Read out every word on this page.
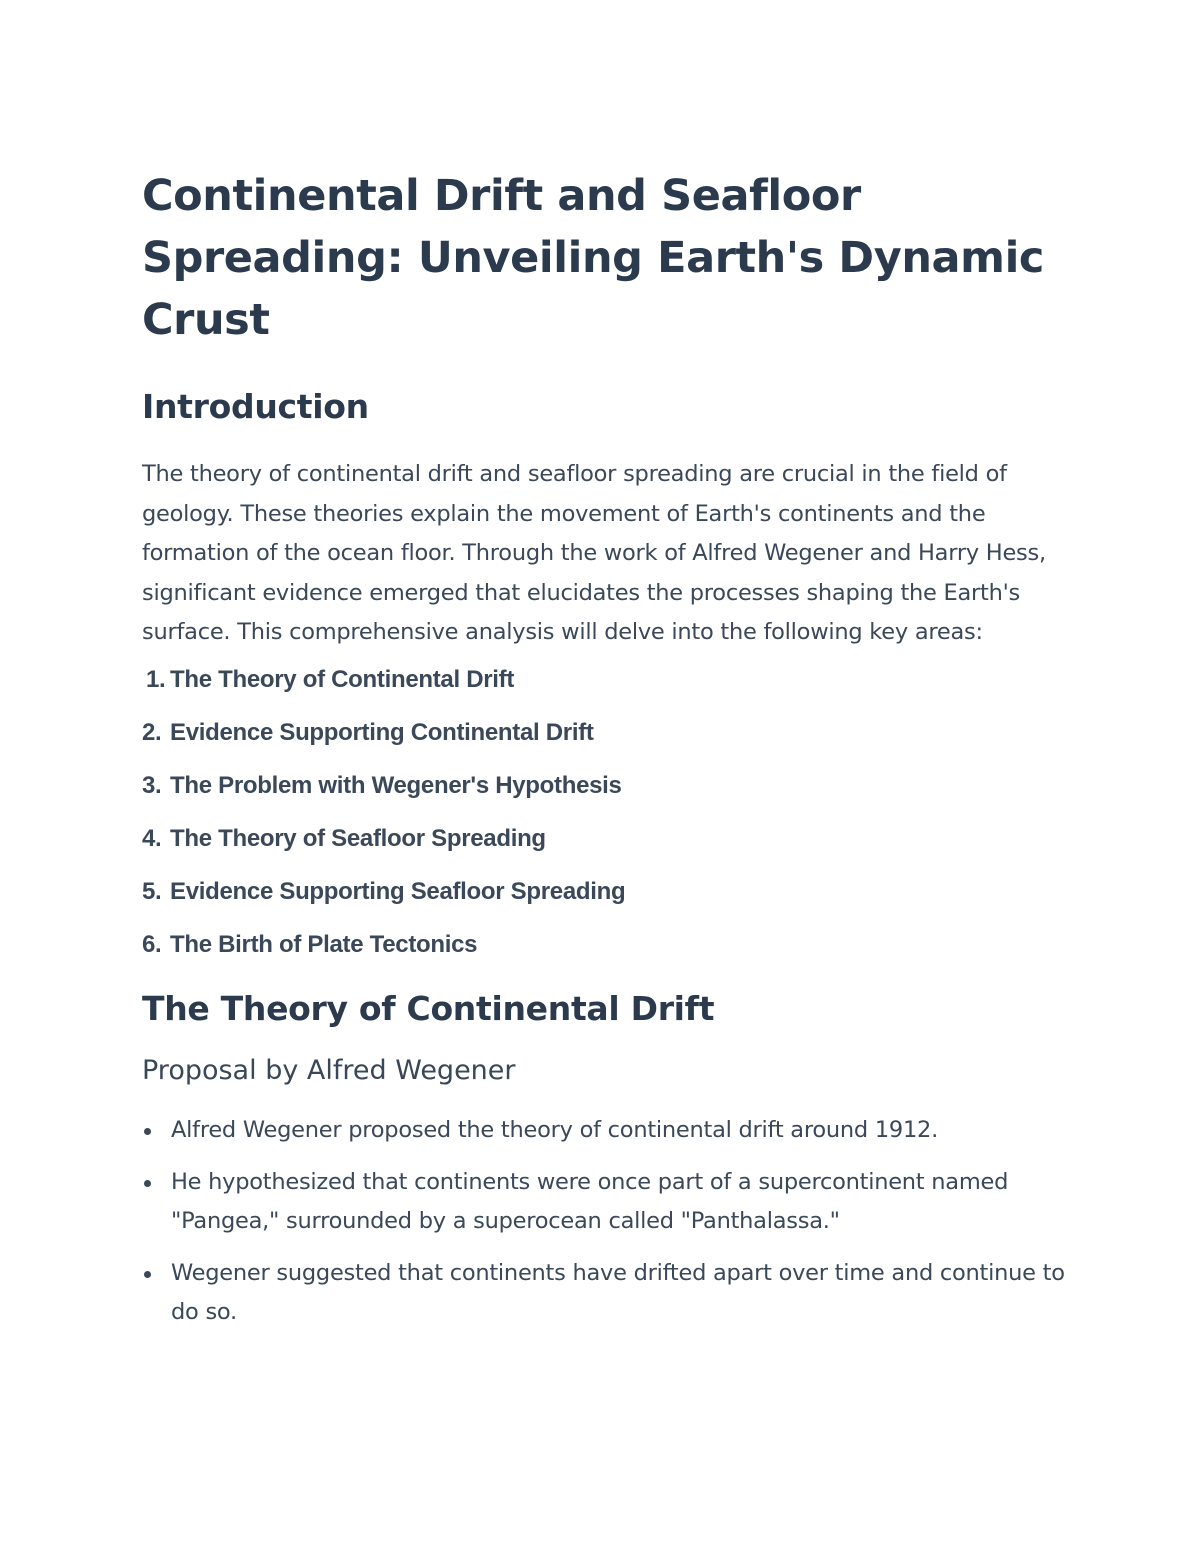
Continental Drift and Seafloor Spreading: Unveiling Earth's Dynamic Crust
Introduction

The theory of continental drift and seafloor spreading are crucial in the field of geology. These theories explain the movement of Earth's continents and the formation of the ocean floor. Through the work of Alfred Wegener and Harry Hess, significant evidence emerged that elucidates the processes shaping the Earth's surface. This comprehensive analysis will delve into the following key areas:

1. The Theory of Continental Drift
2. Evidence Supporting Continental Drift
3. The Problem with Wegener's Hypothesis
4. The Theory of Seafloor Spreading
5. Evidence Supporting Seafloor Spreading
6. The Birth of Plate Tectonics
The Theory of Continental Drift
Proposal by Alfred Wegener
Alfred Wegener proposed the theory of continental drift around 1912.
He hypothesized that continents were once part of a supercontinent named "Pangea," surrounded by a superocean called "Panthalassa."
Wegener suggested that continents have drifted apart over time and continue to do so.
